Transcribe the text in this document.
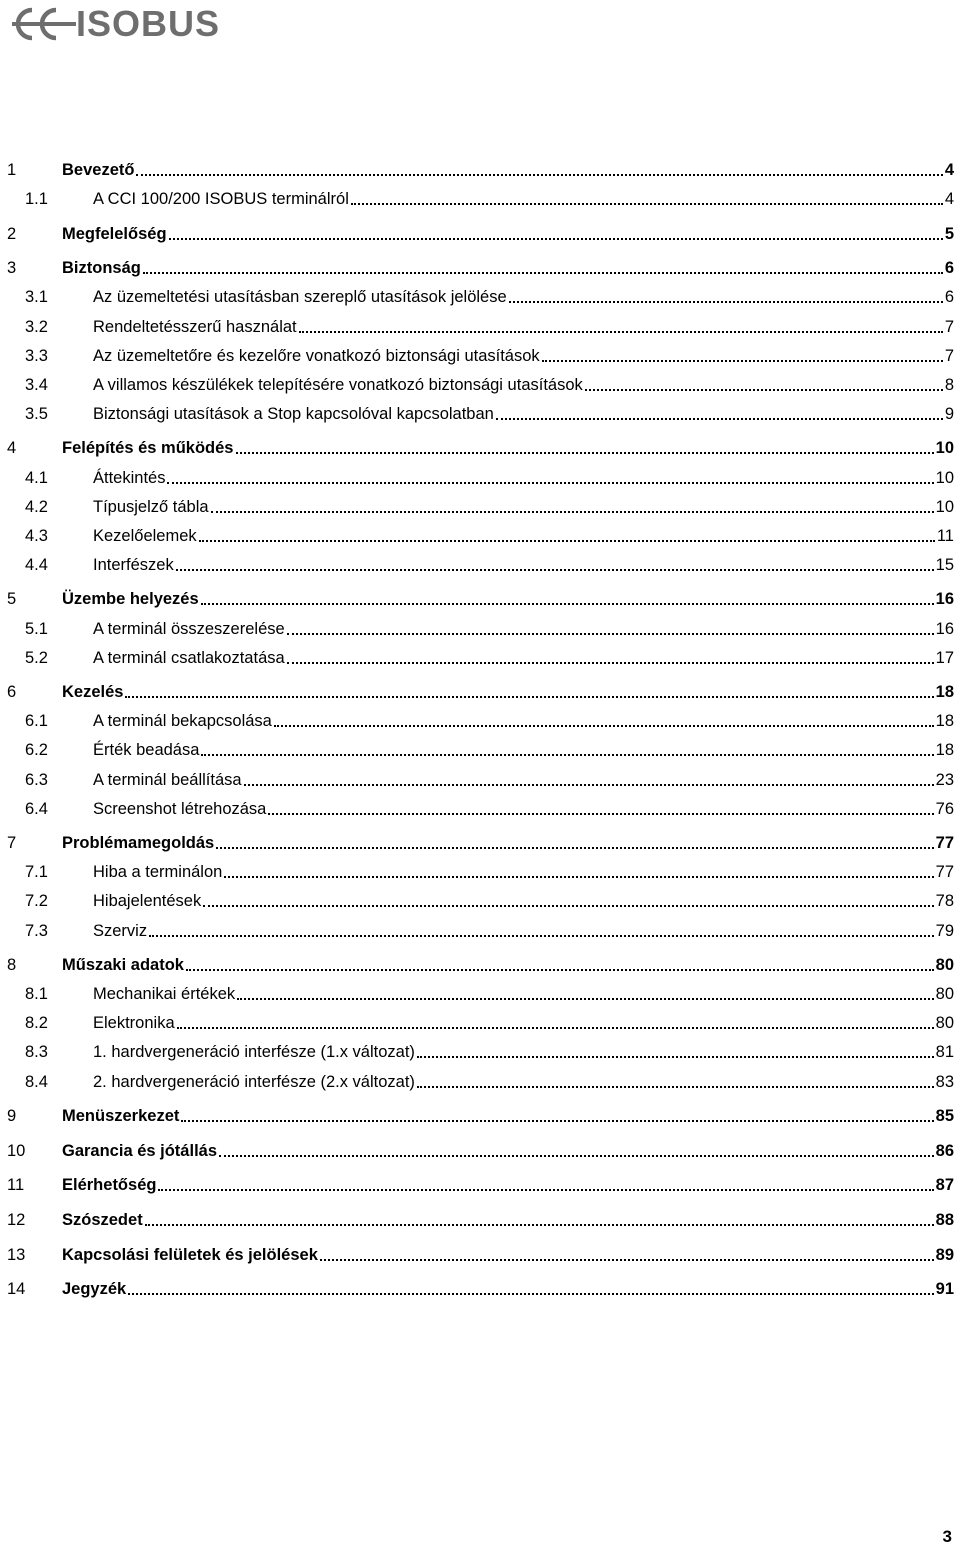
ISOBUS
1	Bevezető	4
1.1	A CCI 100/200 ISOBUS terminálról	4
2	Megfelelőség	5
3	Biztonság	6
3.1	Az üzemeltetési utasításban szereplő utasítások jelölése	6
3.2	Rendeltetésszerű használat	7
3.3	Az üzemeltetőre és kezelőre vonatkozó biztonsági utasítások	7
3.4	A villamos készülékek telepítésére vonatkozó biztonsági utasítások	8
3.5	Biztonsági utasítások a Stop kapcsolóval kapcsolatban	9
4	Felépítés és működés	10
4.1	Áttekintés	10
4.2	Típusjelző tábla	10
4.3	Kezelőelemek	11
4.4	Interfészek	15
5	Üzembe helyezés	16
5.1	A terminál összeszerelése	16
5.2	A terminál csatlakoztatása	17
6	Kezelés	18
6.1	A terminál bekapcsolása	18
6.2	Érték beadása	18
6.3	A terminál beállítása	23
6.4	Screenshot létrehozása	76
7	Problémamegoldás	77
7.1	Hiba a terminálon	77
7.2	Hibajelentések	78
7.3	Szerviz	79
8	Műszaki adatok	80
8.1	Mechanikai értékek	80
8.2	Elektronika	80
8.3	1. hardvergeneráció interfésze (1.x változat)	81
8.4	2. hardvergeneráció interfésze (2.x változat)	83
9	Menüszerkezet	85
10 Garancia és jótállás	86
11 Elérhetőség	87
12 Szószedet	88
13 Kapcsolási felületek és jelölések	89
14 Jegyzék	91
3
